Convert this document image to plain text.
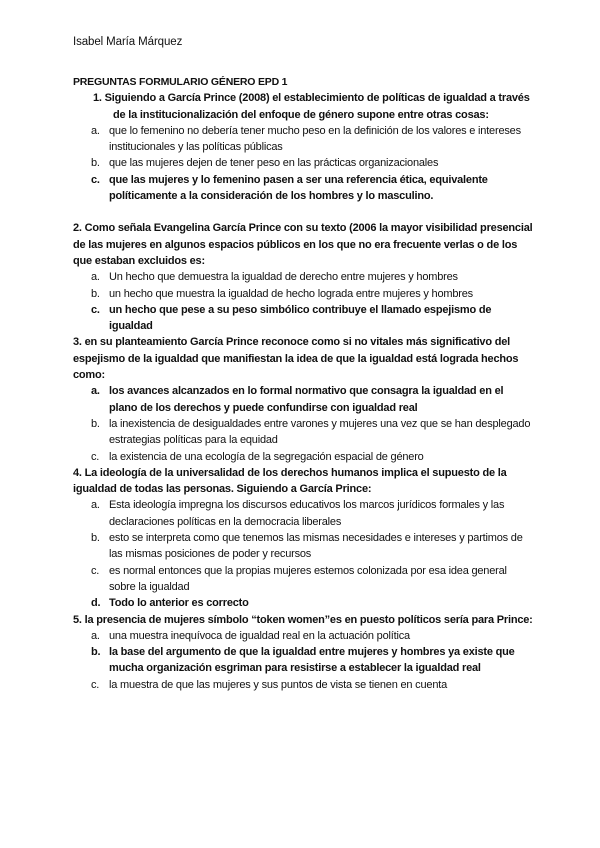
Isabel María Márquez
PREGUNTAS FORMULARIO GÉNERO EPD 1
1. Siguiendo a García Prince (2008) el establecimiento de políticas de igualdad a través de la institucionalización del enfoque de género supone entre otras cosas:
a. que lo femenino no debería tener mucho peso en la definición de los valores e intereses institucionales y las políticas públicas
b. que las mujeres dejen de tener peso en las prácticas organizacionales
c. que las mujeres y lo femenino pasen a ser una referencia ética, equivalente políticamente a la consideración de los hombres y lo masculino.
2. Como señala Evangelina García Prince con su texto (2006 la mayor visibilidad presencial de las mujeres en algunos espacios públicos en los que no era frecuente verlas o de los que estaban excluidos es:
a. Un hecho que demuestra la igualdad de derecho entre mujeres y hombres
b. un hecho que muestra la igualdad de hecho lograda entre mujeres y hombres
c. un hecho que pese a su peso simbólico contribuye el llamado espejismo de igualdad
3. en su planteamiento García Prince reconoce como si no vitales más significativo del espejismo de la igualdad que manifiestan la idea de que la igualdad está lograda hechos como:
a. los avances alcanzados en lo formal normativo que consagra la igualdad en el plano de los derechos y puede confundirse con igualdad real
b. la inexistencia de desigualdades entre varones y mujeres una vez que se han desplegado estrategias políticas para la equidad
c. la existencia de una ecología de la segregación espacial de género
4. La ideología de la universalidad de los derechos humanos implica el supuesto de la igualdad de todas las personas. Siguiendo a García Prince:
a. Esta ideología impregna los discursos educativos los marcos jurídicos formales y las declaraciones políticas en la democracia liberales
b. esto se interpreta como que tenemos las mismas necesidades e intereses y partimos de las mismas posiciones de poder y recursos
c. es normal entonces que la propias mujeres estemos colonizada por esa idea general sobre la igualdad
d. Todo lo anterior es correcto
5. la presencia de mujeres símbolo “token women”es en puesto políticos sería para Prince:
a. una muestra inequívoca de igualdad real en la actuación política
b. la base del argumento de que la igualdad entre mujeres y hombres ya existe que mucha organización esgriman para resistirse a establecer la igualdad real
c. la muestra de que las mujeres y sus puntos de vista se tienen en cuenta
